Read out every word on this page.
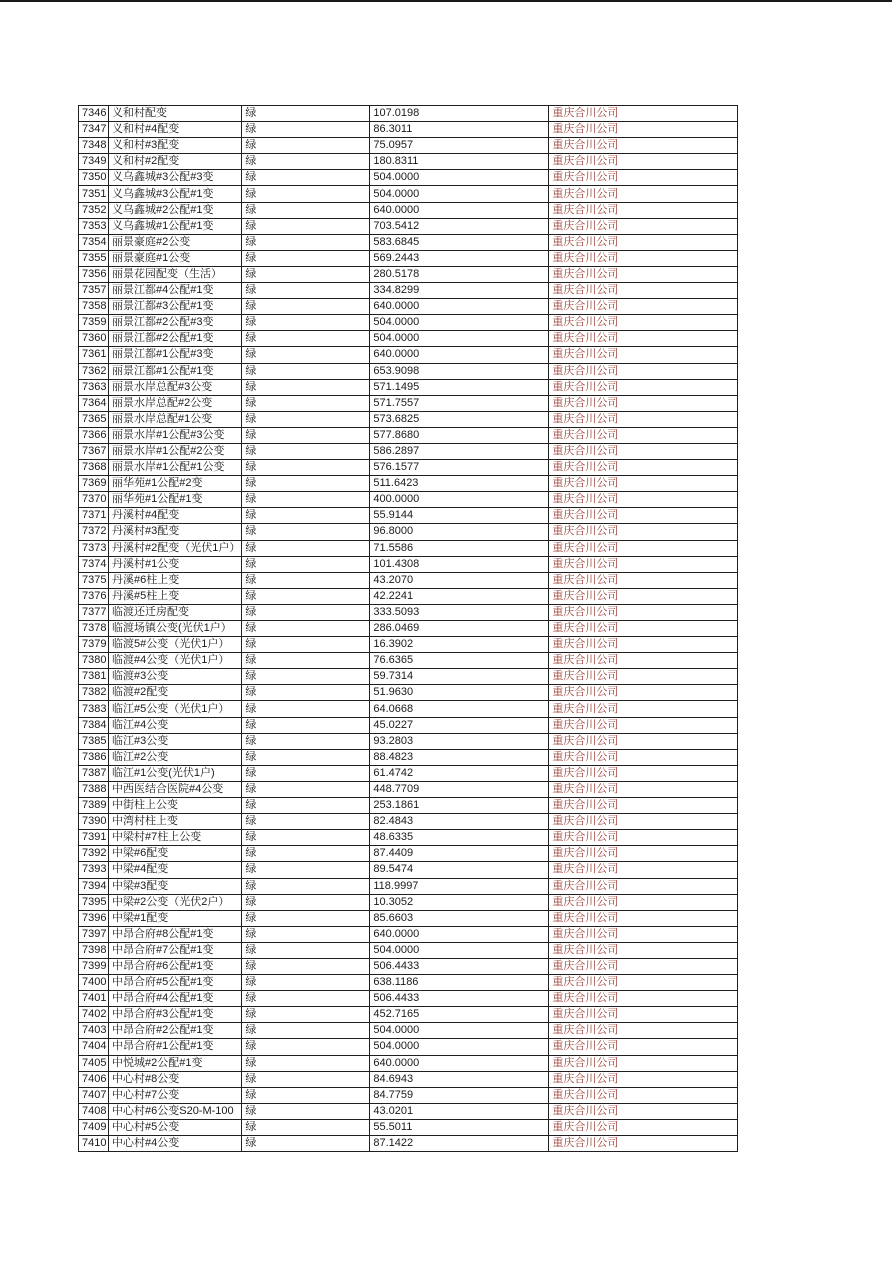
7346	义和村配变	绿	107.0198	重庆合川公司
7347	义和村#4配变	绿	86.3011	重庆合川公司
7348	义和村#3配变	绿	75.0957	重庆合川公司
7349	义和村#2配变	绿	180.8311	重庆合川公司
7350	义乌鑫城#3公配#3变	绿	504.0000	重庆合川公司
7351	义乌鑫城#3公配#1变	绿	504.0000	重庆合川公司
7352	义乌鑫城#2公配#1变	绿	640.0000	重庆合川公司
7353	义乌鑫城#1公配#1变	绿	703.5412	重庆合川公司
7354	丽景豪庭#2公变	绿	583.6845	重庆合川公司
7355	丽景豪庭#1公变	绿	569.2443	重庆合川公司
7356	丽景花园配变（生活）	绿	280.5178	重庆合川公司
7357	丽景江都#4公配#1变	绿	334.8299	重庆合川公司
7358	丽景江都#3公配#1变	绿	640.0000	重庆合川公司
7359	丽景江都#2公配#3变	绿	504.0000	重庆合川公司
7360	丽景江都#2公配#1变	绿	504.0000	重庆合川公司
7361	丽景江都#1公配#3变	绿	640.0000	重庆合川公司
7362	丽景江都#1公配#1变	绿	653.9098	重庆合川公司
7363	丽景水岸总配#3公变	绿	571.1495	重庆合川公司
7364	丽景水岸总配#2公变	绿	571.7557	重庆合川公司
7365	丽景水岸总配#1公变	绿	573.6825	重庆合川公司
7366	丽景水岸#1公配#3公变	绿	577.8680	重庆合川公司
7367	丽景水岸#1公配#2公变	绿	586.2897	重庆合川公司
7368	丽景水岸#1公配#1公变	绿	576.1577	重庆合川公司
7369	丽华苑#1公配#2变	绿	511.6423	重庆合川公司
7370	丽华苑#1公配#1变	绿	400.0000	重庆合川公司
7371	丹溪村#4配变	绿	55.9144	重庆合川公司
7372	丹溪村#3配变	绿	96.8000	重庆合川公司
7373	丹溪村#2配变（光伏1户）	绿	71.5586	重庆合川公司
7374	丹溪村#1公变	绿	101.4308	重庆合川公司
7375	丹溪#6柱上变	绿	43.2070	重庆合川公司
7376	丹溪#5柱上变	绿	42.2241	重庆合川公司
7377	临渡还迁房配变	绿	333.5093	重庆合川公司
7378	临渡场镇公变(光伏1户）	绿	286.0469	重庆合川公司
7379	临渡5#公变（光伏1户）	绿	16.3902	重庆合川公司
7380	临渡#4公变（光伏1户）	绿	76.6365	重庆合川公司
7381	临渡#3公变	绿	59.7314	重庆合川公司
7382	临渡#2配变	绿	51.9630	重庆合川公司
7383	临江#5公变（光伏1户）	绿	64.0668	重庆合川公司
7384	临江#4公变	绿	45.0227	重庆合川公司
7385	临江#3公变	绿	93.2803	重庆合川公司
7386	临江#2公变	绿	88.4823	重庆合川公司
7387	临江#1公变(光伏1户)	绿	61.4742	重庆合川公司
7388	中西医结合医院#4公变	绿	448.7709	重庆合川公司
7389	中街柱上公变	绿	253.1861	重庆合川公司
7390	中湾村柱上变	绿	82.4843	重庆合川公司
7391	中梁村#7柱上公变	绿	48.6335	重庆合川公司
7392	中梁#6配变	绿	87.4409	重庆合川公司
7393	中梁#4配变	绿	89.5474	重庆合川公司
7394	中梁#3配变	绿	118.9997	重庆合川公司
7395	中梁#2公变（光伏2户）	绿	10.3052	重庆合川公司
7396	中梁#1配变	绿	85.6603	重庆合川公司
7397	中昂合府#8公配#1变	绿	640.0000	重庆合川公司
7398	中昂合府#7公配#1变	绿	504.0000	重庆合川公司
7399	中昂合府#6公配#1变	绿	506.4433	重庆合川公司
7400	中昂合府#5公配#1变	绿	638.1186	重庆合川公司
7401	中昂合府#4公配#1变	绿	506.4433	重庆合川公司
7402	中昂合府#3公配#1变	绿	452.7165	重庆合川公司
7403	中昂合府#2公配#1变	绿	504.0000	重庆合川公司
7404	中昂合府#1公配#1变	绿	504.0000	重庆合川公司
7405	中悦城#2公配#1变	绿	640.0000	重庆合川公司
7406	中心村#8公变	绿	84.6943	重庆合川公司
7407	中心村#7公变	绿	84.7759	重庆合川公司
7408	中心村#6公变S20-M-100	绿	43.0201	重庆合川公司
7409	中心村#5公变	绿	55.5011	重庆合川公司
7410	中心村#4公变	绿	87.1422	重庆合川公司
